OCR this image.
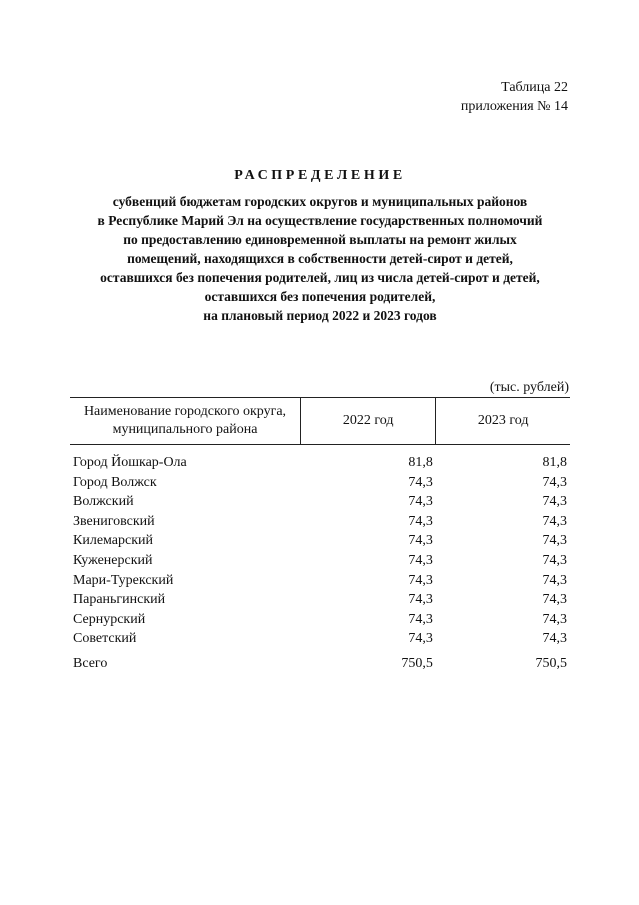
Таблица 22
приложения № 14
РАСПРЕДЕЛЕНИЕ
субвенций бюджетам городских округов и муниципальных районов
в Республике Марий Эл на осуществление государственных полномочий
по предоставлению единовременной выплаты на ремонт жилых
помещений, находящихся в собственности детей-сирот и детей,
оставшихся без попечения родителей, лиц из числа детей-сирот и детей,
оставшихся без попечения родителей,
на плановый период 2022 и 2023 годов
(тыс. рублей)
Наименование городского округа, муниципального района	2022 год	2023 год

Город Йошкар-Ола	81,8	81,8
Город Волжск	74,3	74,3
Волжский	74,3	74,3
Звениговский	74,3	74,3
Килемарский	74,3	74,3
Куженерский	74,3	74,3
Мари-Турекский	74,3	74,3
Параньгинский	74,3	74,3
Сернурский	74,3	74,3
Советский	74,3	74,3
Всего	750,5	750,5
